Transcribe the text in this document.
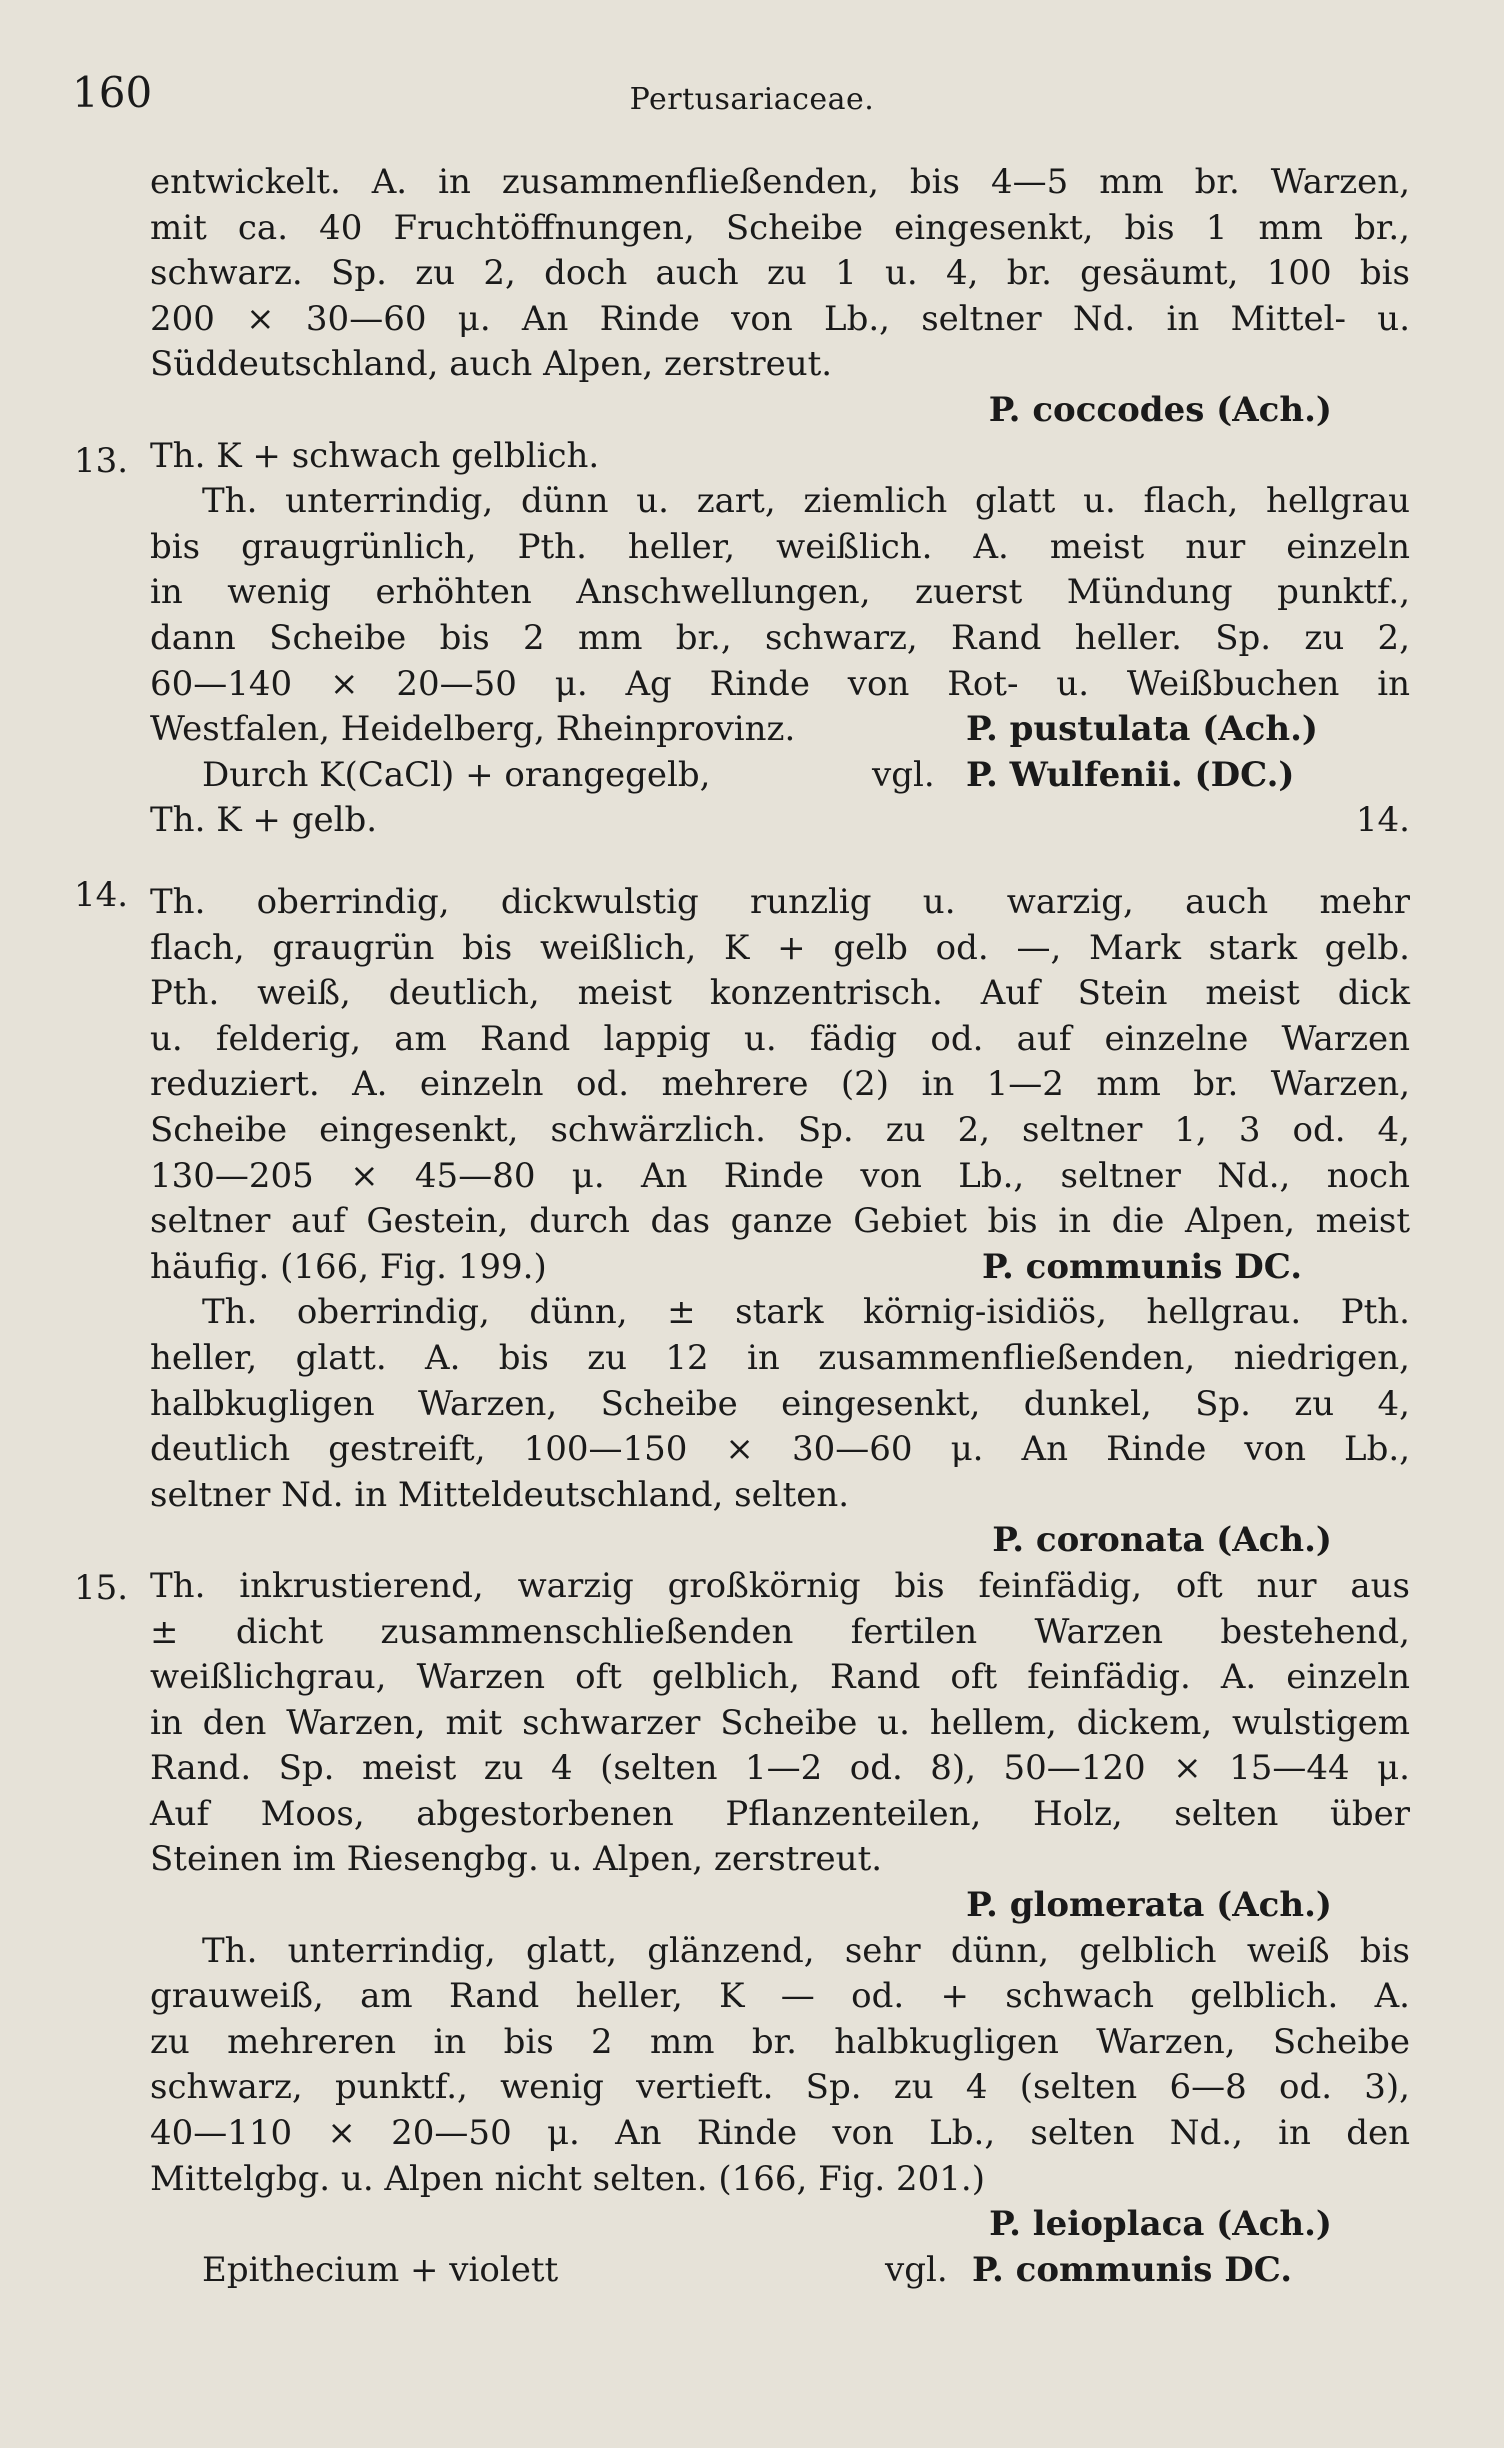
160	Pertusariaceae.
13.
14.
15.
entwickelt. A. in zusammenfließenden, bis 4—5 mm br. Warzen,
mit ca. 40 Fruchtöffnungen, Scheibe eingesenkt, bis 1 mm br.,
schwarz. Sp. zu 2, doch auch zu 1 u. 4, br. gesäumt, 100 bis
200 × 30—60 μ. An Rinde von Lb., seltner Nd. in Mittel- u.
Süddeutschland, auch Alpen, zerstreut.
P. coccodes (Ach.)
Th. K + schwach gelblich.
Th. unterrindig, dünn u. zart, ziemlich glatt u. flach, hellgrau
bis graugrünlich, Pth. heller, weißlich. A. meist nur einzeln
in wenig erhöhten Anschwellungen, zuerst Mündung punktf.,
dann Scheibe bis 2 mm br., schwarz, Rand heller. Sp. zu 2,
60—140 × 20—50 μ. Ag Rinde von Rot- u. Weißbuchen in
Westfalen, Heidelberg, Rheinprovinz.	P. pustulata (Ach.)
Durch K(CaCl) + orangegelb,	vgl. P. Wulfenii. (DC.)
Th. K + gelb.	14.
Th. oberrindig, dickwulstig runzlig u. warzig, auch mehr
flach, graugrün bis weißlich, K + gelb od. —, Mark stark gelb.
Pth. weiß, deutlich, meist konzentrisch. Auf Stein meist dick
u. felderig, am Rand lappig u. fädig od. auf einzelne Warzen
reduziert. A. einzeln od. mehrere (2) in 1—2 mm br. Warzen,
Scheibe eingesenkt, schwärzlich. Sp. zu 2, seltner 1, 3 od. 4,
130—205 × 45—80 μ. An Rinde von Lb., seltner Nd., noch
seltner auf Gestein, durch das ganze Gebiet bis in die Alpen, meist
häufig. (166, Fig. 199.)	P. communis DC.
Th. oberrindig, dünn, ± stark körnig-isidiös, hellgrau. Pth.
heller, glatt. A. bis zu 12 in zusammenfließenden, niedrigen,
halbkugligen Warzen, Scheibe eingesenkt, dunkel, Sp. zu 4,
deutlich gestreift, 100—150 × 30—60 μ. An Rinde von Lb.,
seltner Nd. in Mitteldeutschland, selten.
P. coronata (Ach.)
Th. inkrustierend, warzig großkörnig bis feinfädig, oft nur aus
± dicht zusammenschließenden fertilen Warzen bestehend,
weißlichgrau, Warzen oft gelblich, Rand oft feinfädig. A. einzeln
in den Warzen, mit schwarzer Scheibe u. hellem, dickem, wulstigem
Rand. Sp. meist zu 4 (selten 1—2 od. 8), 50—120 × 15—44 μ.
Auf Moos, abgestorbenen Pflanzenteilen, Holz, selten über
Steinen im Riesengbg. u. Alpen, zerstreut.
P. glomerata (Ach.)
Th. unterrindig, glatt, glänzend, sehr dünn, gelblich weiß bis
grauweiß, am Rand heller, K — od. + schwach gelblich. A.
zu mehreren in bis 2 mm br. halbkugligen Warzen, Scheibe
schwarz, punktf., wenig vertieft. Sp. zu 4 (selten 6—8 od. 3),
40—110 × 20—50 μ. An Rinde von Lb., selten Nd., in den
Mittelgbg. u. Alpen nicht selten. (166, Fig. 201.)
P. leioplaca (Ach.)
Epithecium + violett	vgl. P. communis DC.
